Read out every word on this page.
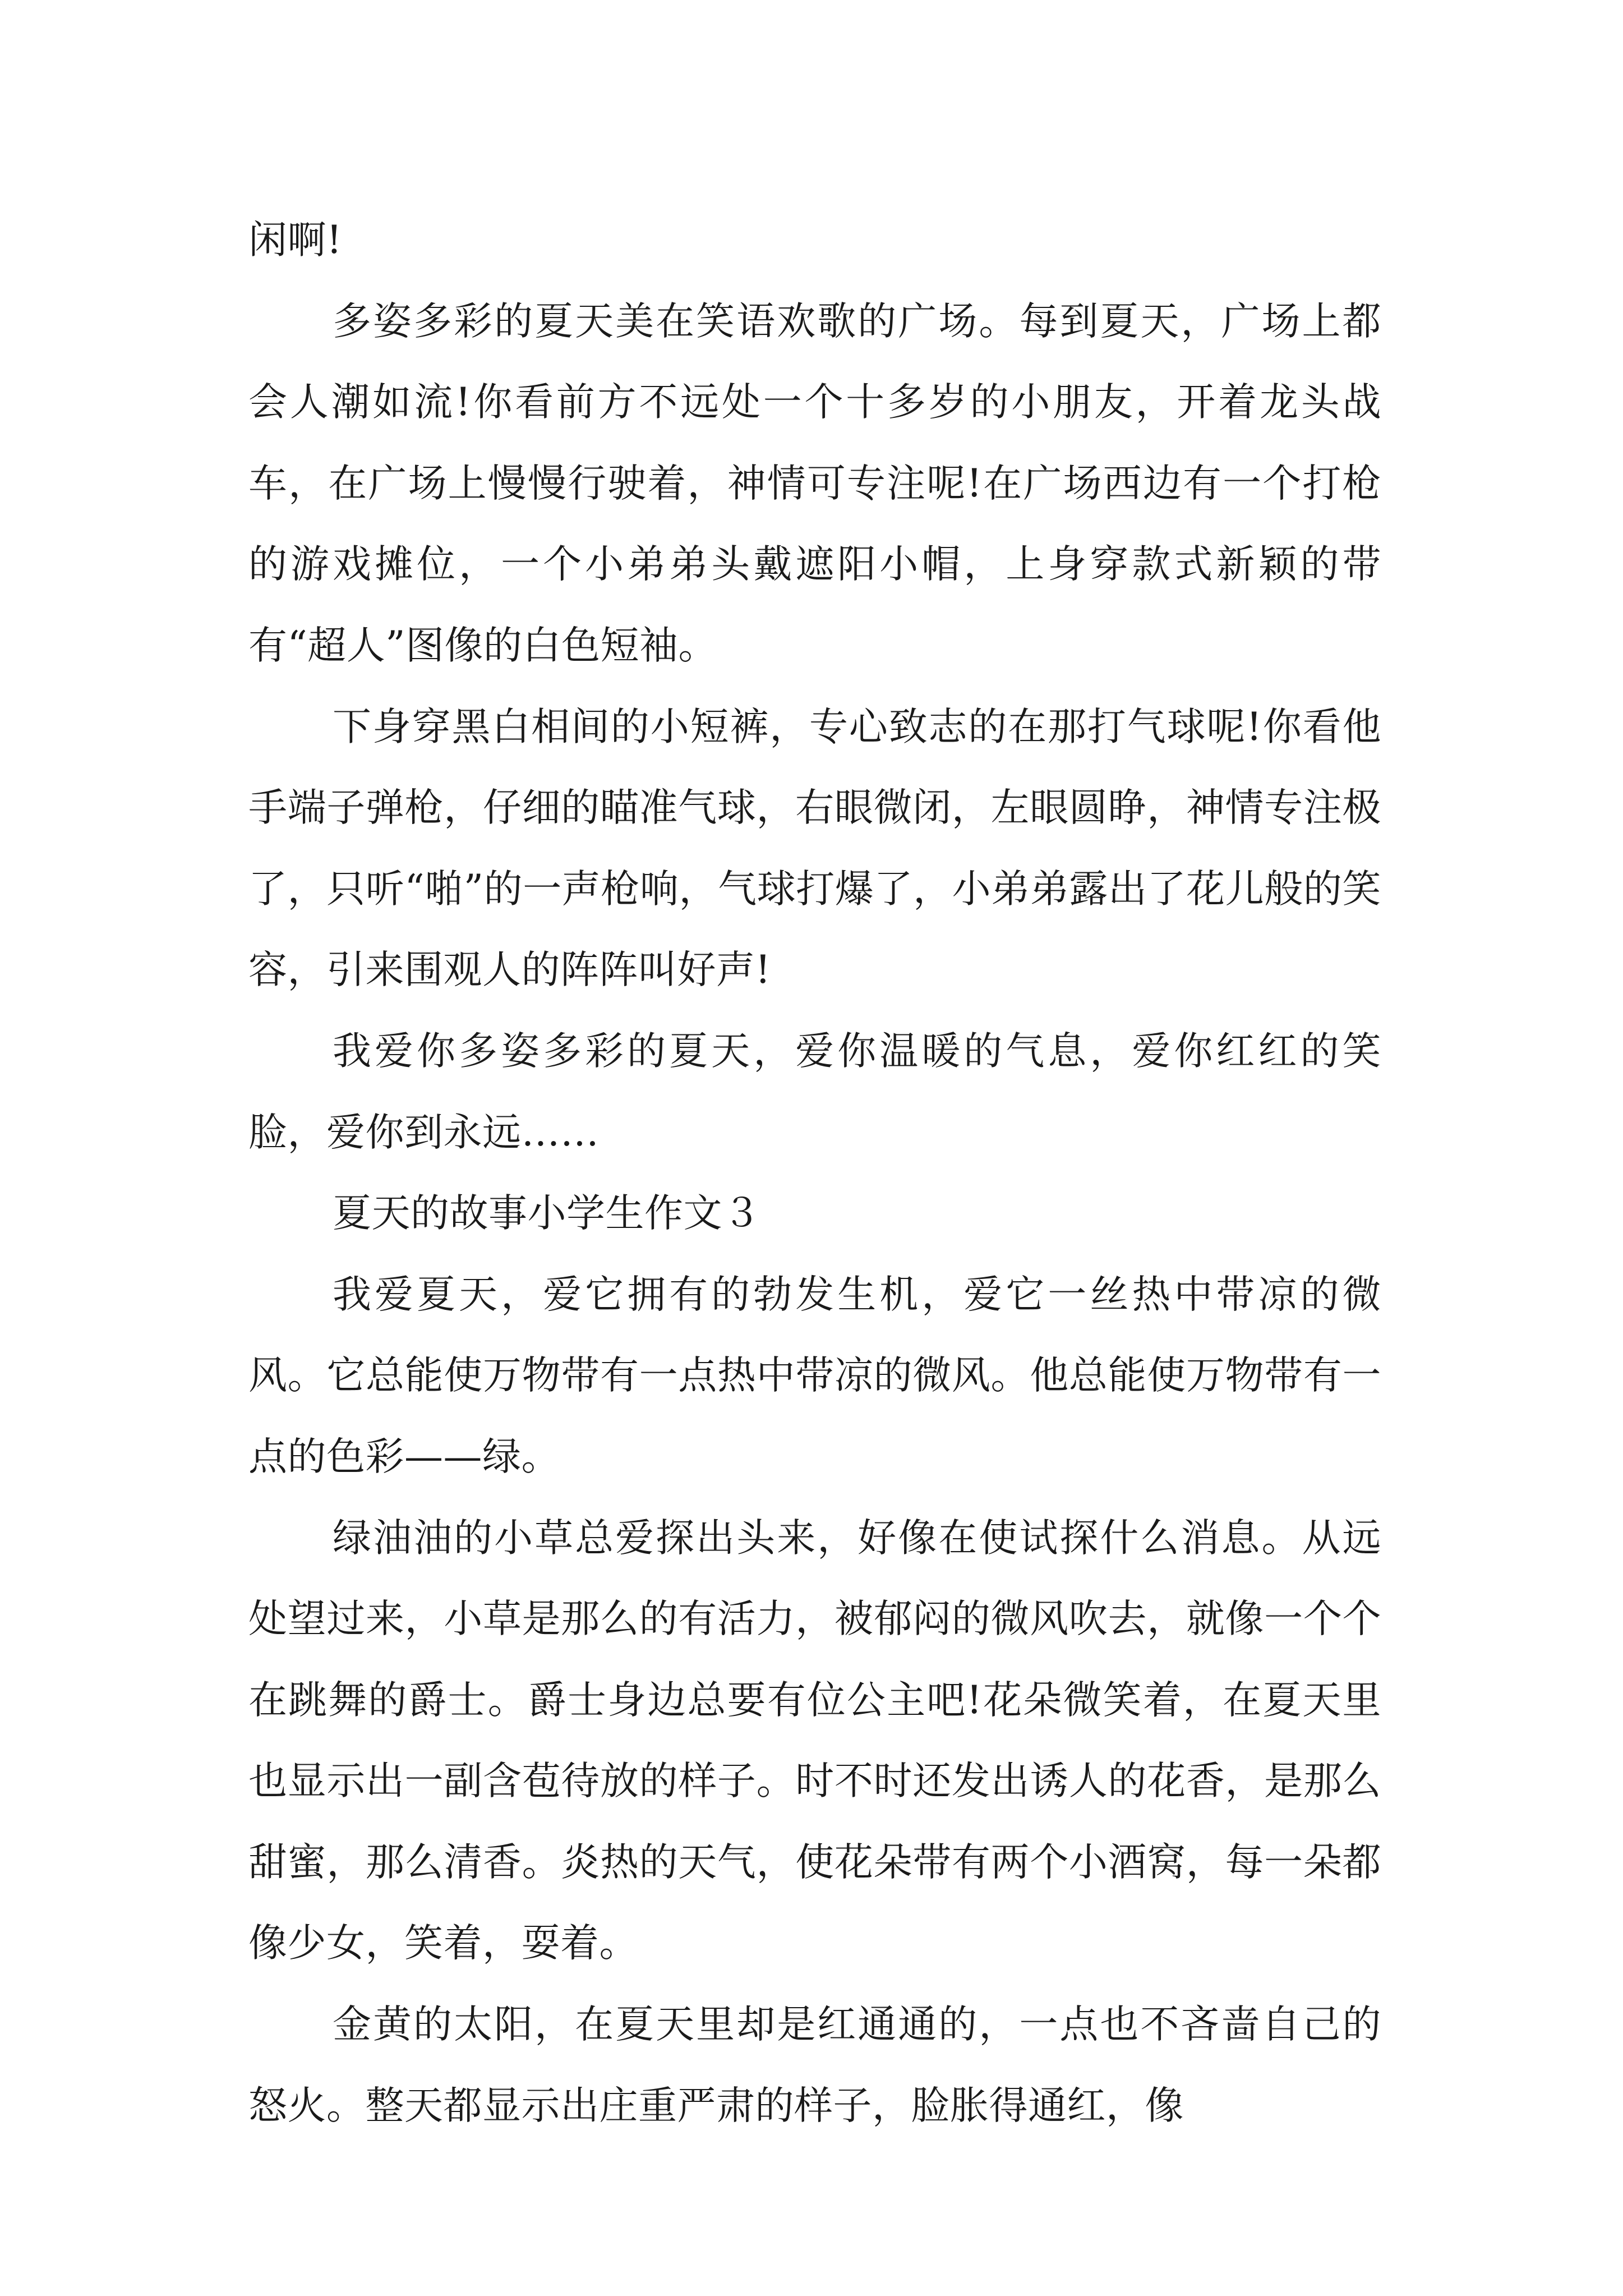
闲啊!

多姿多彩的夏天美在笑语欢歌的广场。每到夏天，广场上都会人潮如流!你看前方不远处一个十多岁的小朋友，开着龙头战车，在广场上慢慢行驶着，神情可专注呢!在广场西边有一个打枪的游戏摊位，一个小弟弟头戴遮阳小帽，上身穿款式新颖的带有“超人”图像的白色短袖。

下身穿黑白相间的小短裤，专心致志的在那打气球呢!你看他手端子弹枪，仔细的瞄准气球，右眼微闭，左眼圆睁，神情专注极了，只听“啪”的一声枪响，气球打爆了，小弟弟露出了花儿般的笑容，引来围观人的阵阵叫好声!

我爱你多姿多彩的夏天，爱你温暖的气息，爱你红红的笑脸，爱你到永远……

夏天的故事小学生作文３

我爱夏天，爱它拥有的勃发生机，爱它一丝热中带凉的微风。它总能使万物带有一点热中带凉的微风。他总能使万物带有一点的色彩——绿。

绿油油的小草总爱探出头来，好像在使试探什么消息。从远处望过来，小草是那么的有活力，被郁闷的微风吹去，就像一个个在跳舞的爵士。爵士身边总要有位公主吧!花朵微笑着，在夏天里也显示出一副含苞待放的样子。时不时还发出诱人的花香，是那么甜蜜，那么清香。炎热的天气，使花朵带有两个小酒窝，每一朵都像少女，笑着，耍着。

金黄的太阳，在夏天里却是红通通的，一点也不吝啬自己的怒火。整天都显示出庄重严肃的样子，脸胀得通红，像
